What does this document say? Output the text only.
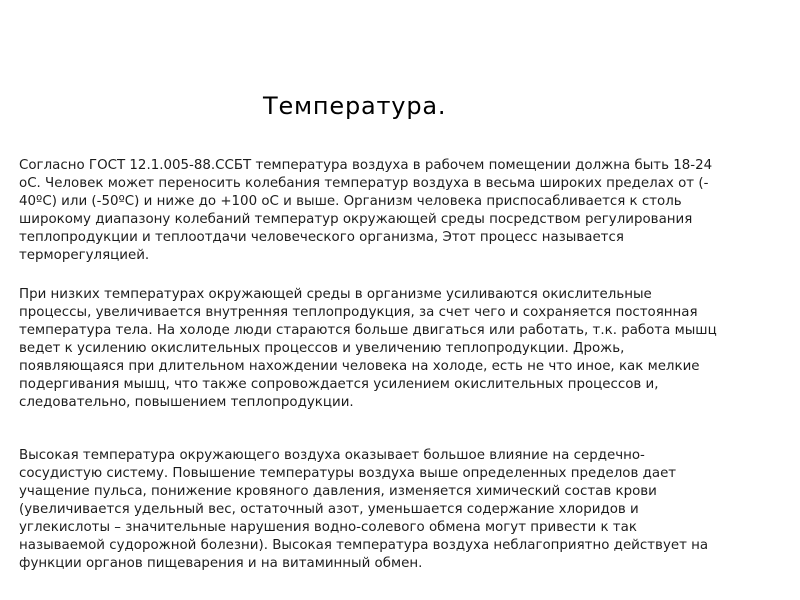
Температура.

Согласно ГОСТ 12.1.005-88.ССБТ температура воздуха в рабочем помещении должна быть 18-24
оС. Человек может переносить колебания температур воздуха в весьма широких пределах от (-
40ºС) или (-50ºС) и ниже до +100 оС и выше. Организм человека приспосабливается к столь
широкому диапазону колебаний температур окружающей среды посредством регулирования
теплопродукции и теплоотдачи человеческого организма, Этот процесс называется
терморегуляцией.

При низких температурах окружающей среды в организме усиливаются окислительные
процессы, увеличивается внутренняя теплопродукция, за счет чего и сохраняется постоянная
температура тела. На холоде люди стараются больше двигаться или работать, т.к. работа мышц
ведет к усилению окислительных процессов и увеличению теплопродукции. Дрожь,
появляющаяся при длительном нахождении человека на холоде, есть не что иное, как мелкие
подергивания мышц, что также сопровождается усилением окислительных процессов и,
следовательно, повышением теплопродукции.

Высокая температура окружающего воздуха оказывает большое влияние на сердечно-
сосудистую систему. Повышение температуры воздуха выше определенных пределов дает
учащение пульса, понижение кровяного давления, изменяется химический состав крови
(увеличивается удельный вес, остаточный азот, уменьшается содержание хлоридов и
углекислоты – значительные нарушения водно-солевого обмена могут привести к так
называемой судорожной болезни). Высокая температура воздуха неблагоприятно действует на
функции органов пищеварения и на витаминный обмен.
